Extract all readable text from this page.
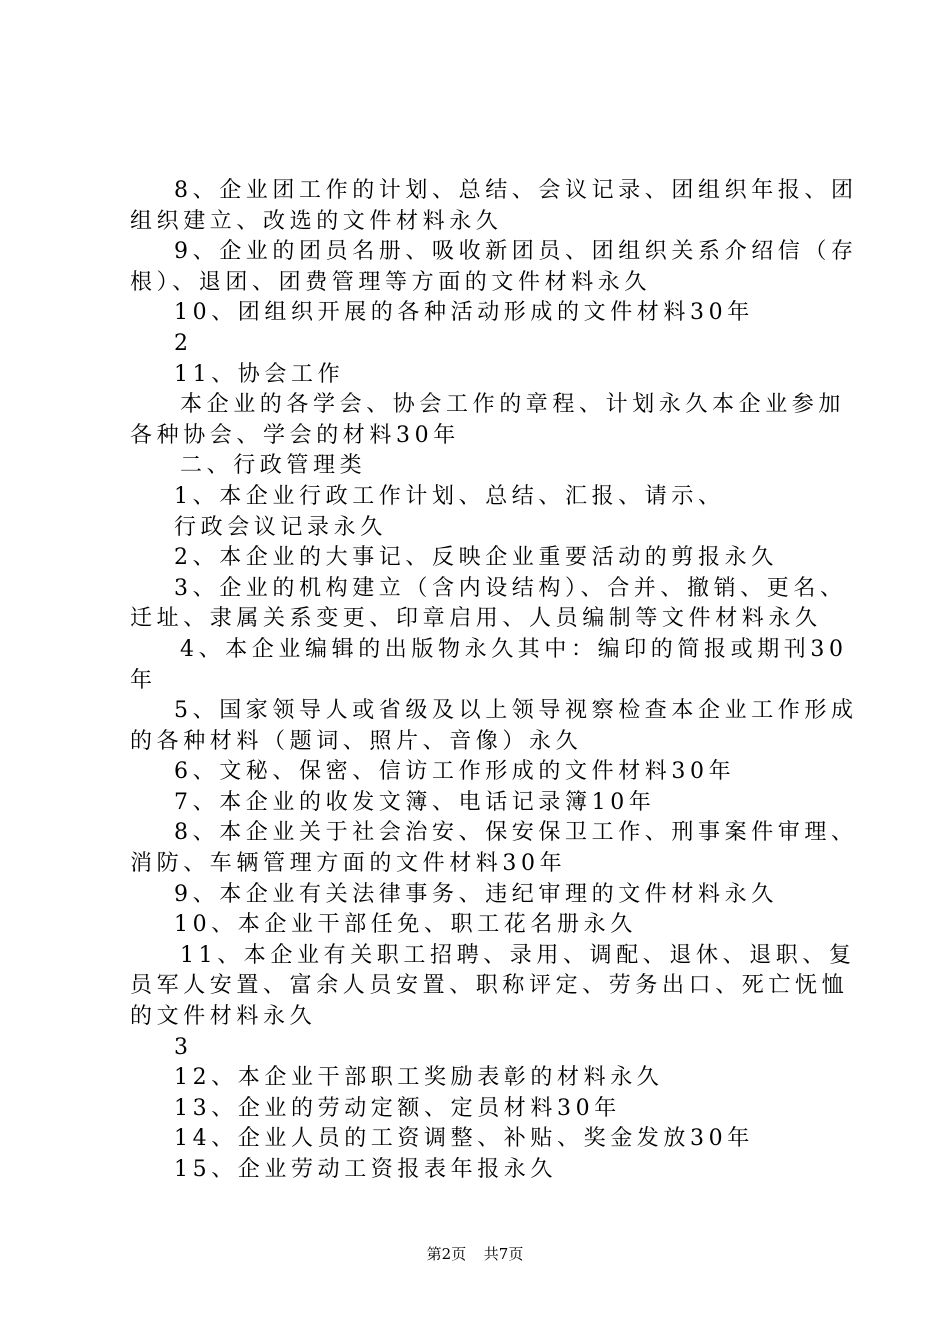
8、企业团工作的计划、总结、会议记录、团组织年报、团
组织建立、改选的文件材料永久
9、企业的团员名册、吸收新团员、团组织关系介绍信（存
根）、退团、团费管理等方面的文件材料永久
10、团组织开展的各种活动形成的文件材料30年
2
11、协会工作
本企业的各学会、协会工作的章程、计划永久本企业参加
各种协会、学会的材料30年
二、行政管理类
1、本企业行政工作计划、总结、汇报、请示、
行政会议记录永久
2、本企业的大事记、反映企业重要活动的剪报永久
3、企业的机构建立（含内设结构）、合并、撤销、更名、
迁址、隶属关系变更、印章启用、人员编制等文件材料永久
4、本企业编辑的出版物永久其中：编印的简报或期刊30
年
5、国家领导人或省级及以上领导视察检查本企业工作形成
的各种材料（题词、照片、音像）永久
6、文秘、保密、信访工作形成的文件材料30年
7、本企业的收发文簿、电话记录簿10年
8、本企业关于社会治安、保安保卫工作、刑事案件审理、
消防、车辆管理方面的文件材料30年
9、本企业有关法律事务、违纪审理的文件材料永久
10、本企业干部任免、职工花名册永久
11、本企业有关职工招聘、录用、调配、退休、退职、复
员军人安置、富余人员安置、职称评定、劳务出口、死亡怃恤
的文件材料永久
3
12、本企业干部职工奖励表彰的材料永久
13、企业的劳动定额、定员材料30年
14、企业人员的工资调整、补贴、奖金发放30年
15、企业劳动工资报表年报永久
第2页 共7页
